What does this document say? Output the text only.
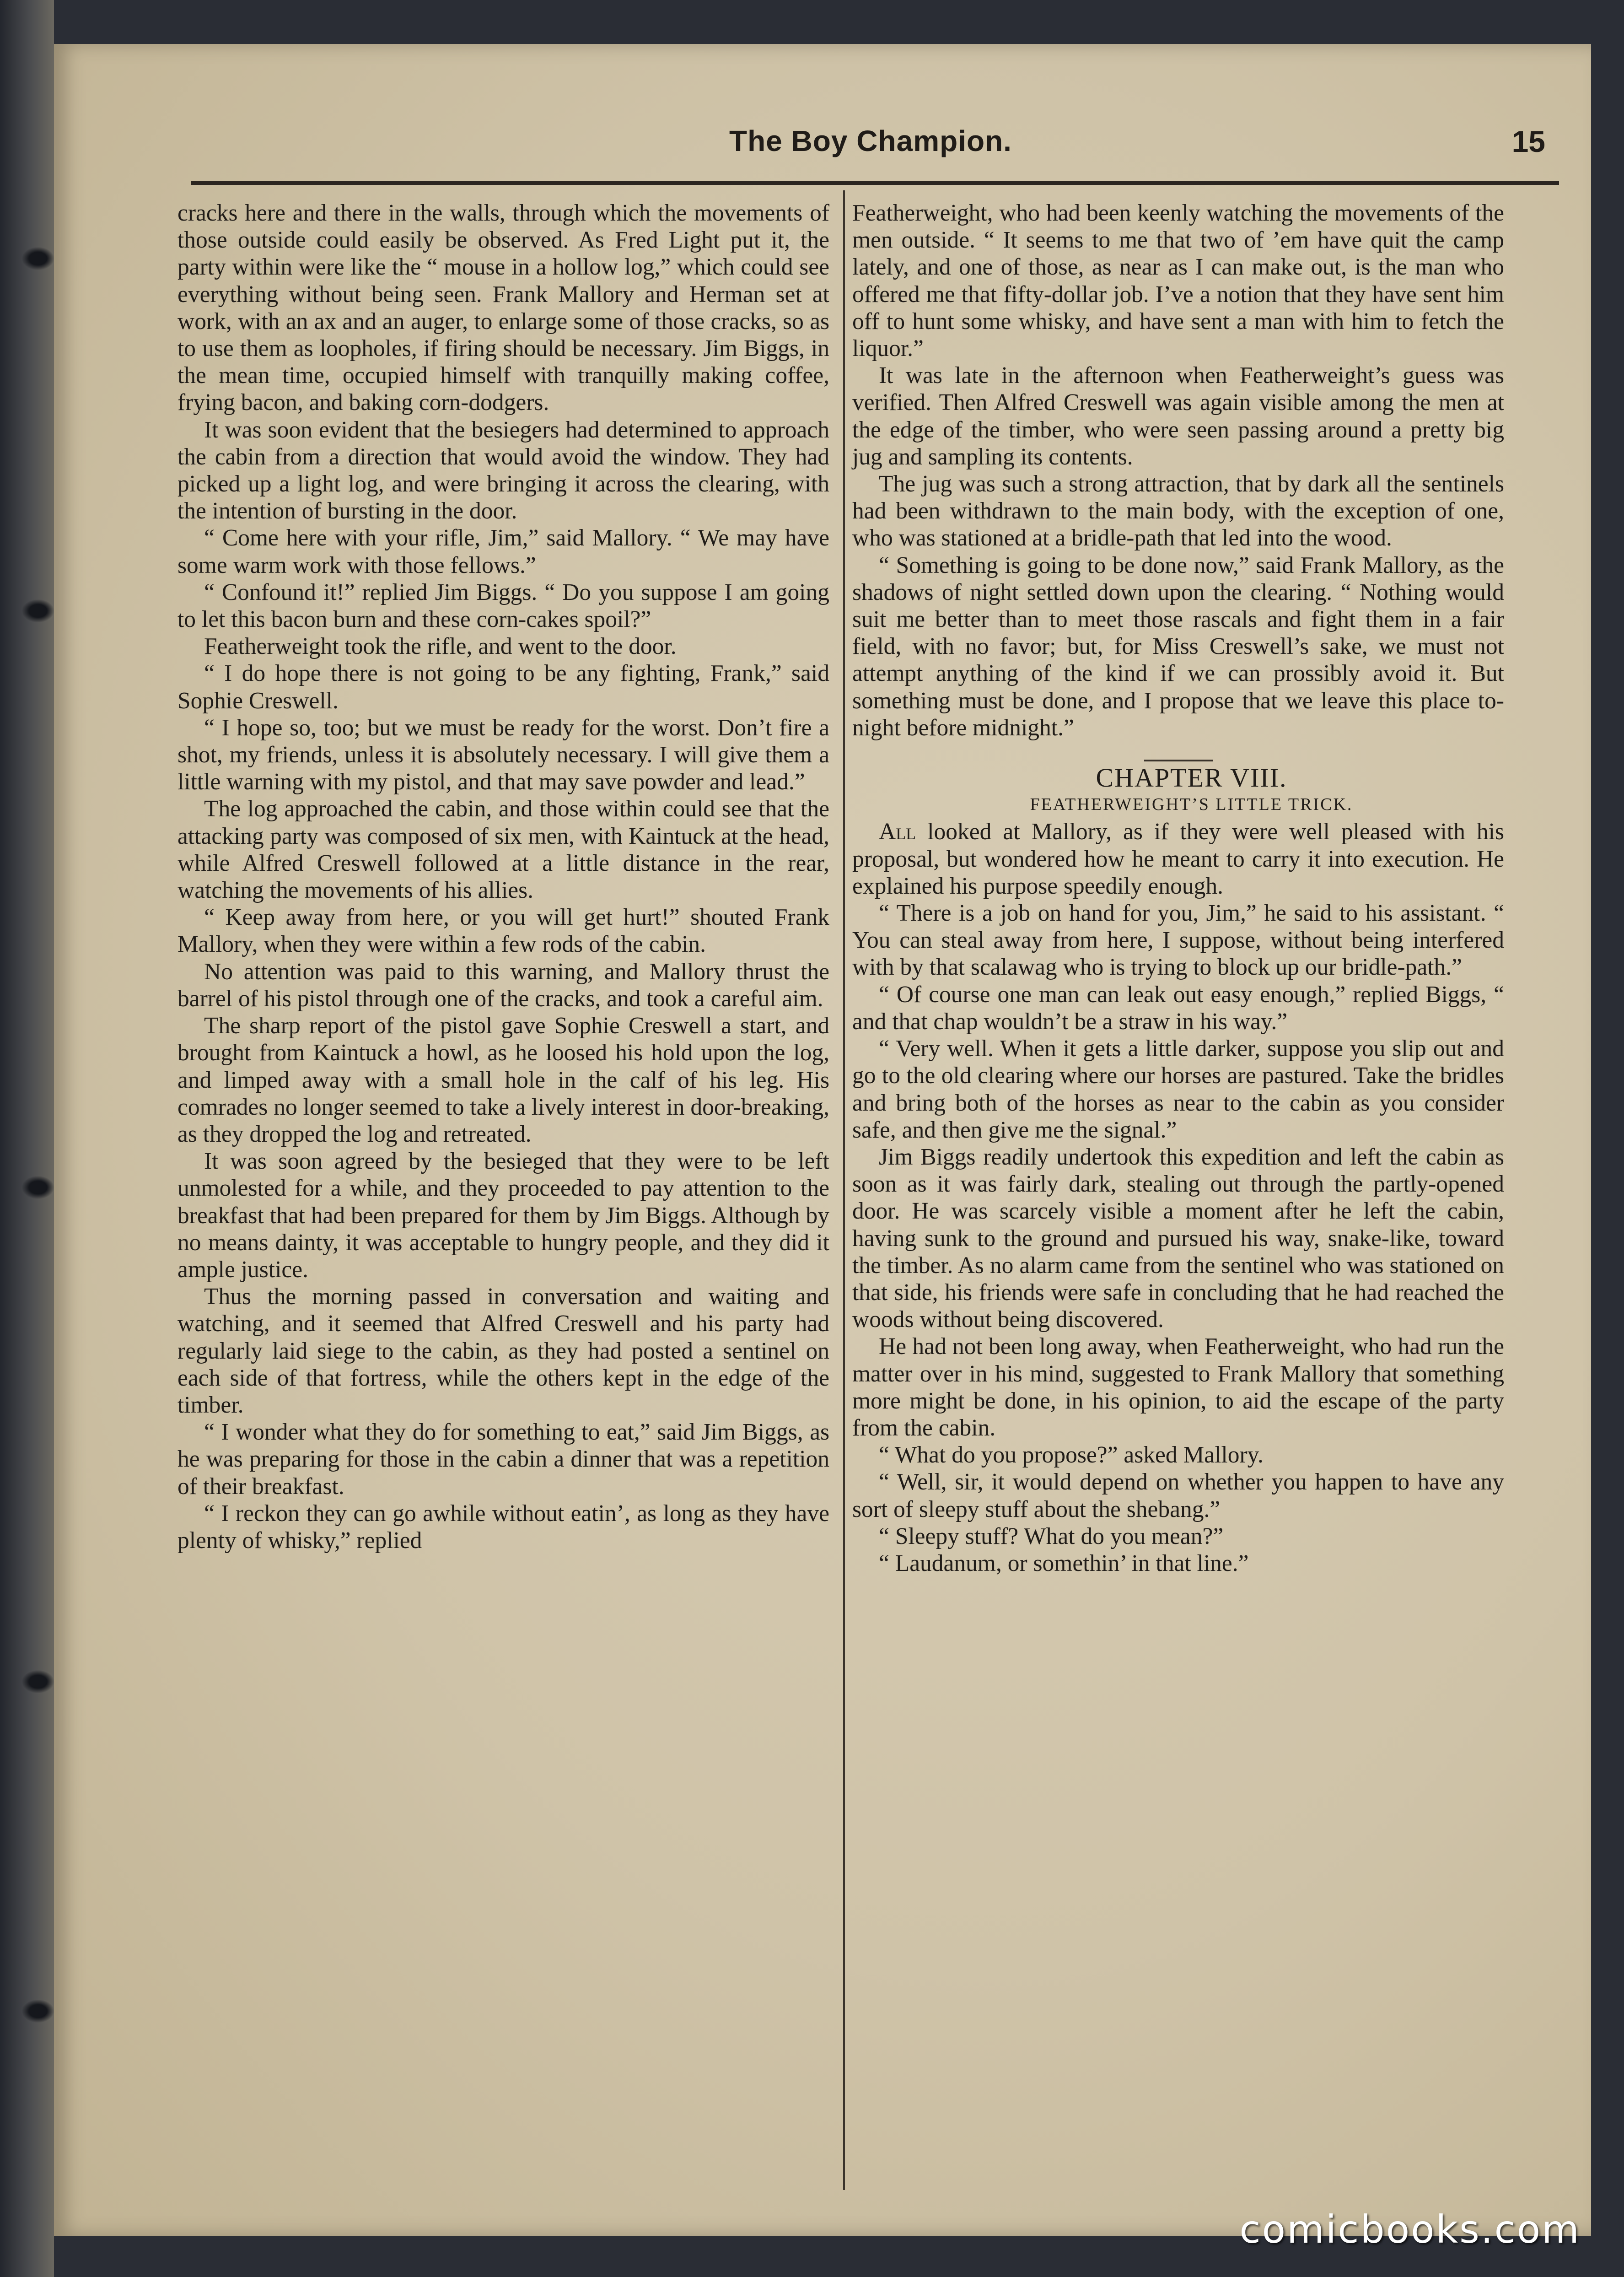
The Boy Champion.	15

cracks here and there in the walls, through which the movements of those outside could easily be observed. As Fred Light put it, the party within were like the “ mouse in a hollow log,” which could see everything without being seen. Frank Mallory and Herman set at work, with an ax and an auger, to enlarge some of those cracks, so as to use them as loopholes, if firing should be necessary. Jim Biggs, in the mean time, occupied himself with tranquilly making coffee, frying bacon, and baking corn-dodgers.

It was soon evident that the besiegers had determined to approach the cabin from a direction that would avoid the window. They had picked up a light log, and were bringing it across the clearing, with the intention of bursting in the door.

“ Come here with your rifle, Jim,” said Mallory. “ We may have some warm work with those fellows.”

“ Confound it!” replied Jim Biggs. “ Do you suppose I am going to let this bacon burn and these corn-cakes spoil?”

Featherweight took the rifle, and went to the door.

“ I do hope there is not going to be any fighting, Frank,” said Sophie Creswell.

“ I hope so, too; but we must be ready for the worst. Don’t fire a shot, my friends, unless it is absolutely necessary. I will give them a little warning with my pistol, and that may save powder and lead.”

The log approached the cabin, and those within could see that the attacking party was composed of six men, with Kaintuck at the head, while Alfred Creswell followed at a little distance in the rear, watching the movements of his allies.

“ Keep away from here, or you will get hurt!” shouted Frank Mallory, when they were within a few rods of the cabin.

No attention was paid to this warning, and Mallory thrust the barrel of his pistol through one of the cracks, and took a careful aim.

The sharp report of the pistol gave Sophie Creswell a start, and brought from Kaintuck a howl, as he loosed his hold upon the log, and limped away with a small hole in the calf of his leg. His comrades no longer seemed to take a lively interest in door-breaking, as they dropped the log and retreated.

It was soon agreed by the besieged that they were to be left unmolested for a while, and they proceeded to pay attention to the breakfast that had been prepared for them by Jim Biggs. Although by no means dainty, it was acceptable to hungry people, and they did it ample justice.

Thus the morning passed in conversation and waiting and watching, and it seemed that Alfred Creswell and his party had regularly laid siege to the cabin, as they had posted a sentinel on each side of that fortress, while the others kept in the edge of the timber.

“ I wonder what they do for something to eat,” said Jim Biggs, as he was preparing for those in the cabin a dinner that was a repetition of their breakfast.

“ I reckon they can go awhile without eatin’, as long as they have plenty of whisky,” replied

Featherweight, who had been keenly watching the movements of the men outside. “ It seems to me that two of ’em have quit the camp lately, and one of those, as near as I can make out, is the man who offered me that fifty-dollar job. I’ve a notion that they have sent him off to hunt some whisky, and have sent a man with him to fetch the liquor.”

It was late in the afternoon when Featherweight’s guess was verified. Then Alfred Creswell was again visible among the men at the edge of the timber, who were seen passing around a pretty big jug and sampling its contents.

The jug was such a strong attraction, that by dark all the sentinels had been withdrawn to the main body, with the exception of one, who was stationed at a bridle-path that led into the wood.

“ Something is going to be done now,” said Frank Mallory, as the shadows of night settled down upon the clearing. “ Nothing would suit me better than to meet those rascals and fight them in a fair field, with no favor; but, for Miss Creswell’s sake, we must not attempt anything of the kind if we can prossibly avoid it. But something must be done, and I propose that we leave this place to-night before midnight.”

CHAPTER VIII.

FEATHERWEIGHT’S LITTLE TRICK.

All looked at Mallory, as if they were well pleased with his proposal, but wondered how he meant to carry it into execution. He explained his purpose speedily enough.

“ There is a job on hand for you, Jim,” he said to his assistant. “ You can steal away from here, I suppose, without being interfered with by that scalawag who is trying to block up our bridle-path.”

“ Of course one man can leak out easy enough,” replied Biggs, “ and that chap wouldn’t be a straw in his way.”

“ Very well. When it gets a little darker, suppose you slip out and go to the old clearing where our horses are pastured. Take the bridles and bring both of the horses as near to the cabin as you consider safe, and then give me the signal.”

Jim Biggs readily undertook this expedition and left the cabin as soon as it was fairly dark, stealing out through the partly-opened door. He was scarcely visible a moment after he left the cabin, having sunk to the ground and pursued his way, snake-like, toward the timber. As no alarm came from the sentinel who was stationed on that side, his friends were safe in concluding that he had reached the woods without being discovered.

He had not been long away, when Featherweight, who had run the matter over in his mind, suggested to Frank Mallory that something more might be done, in his opinion, to aid the escape of the party from the cabin.

“ What do you propose?” asked Mallory.

“ Well, sir, it would depend on whether you happen to have any sort of sleepy stuff about the shebang.”

“ Sleepy stuff? What do you mean?”

“ Laudanum, or somethin’ in that line.”

comicbooks.com
